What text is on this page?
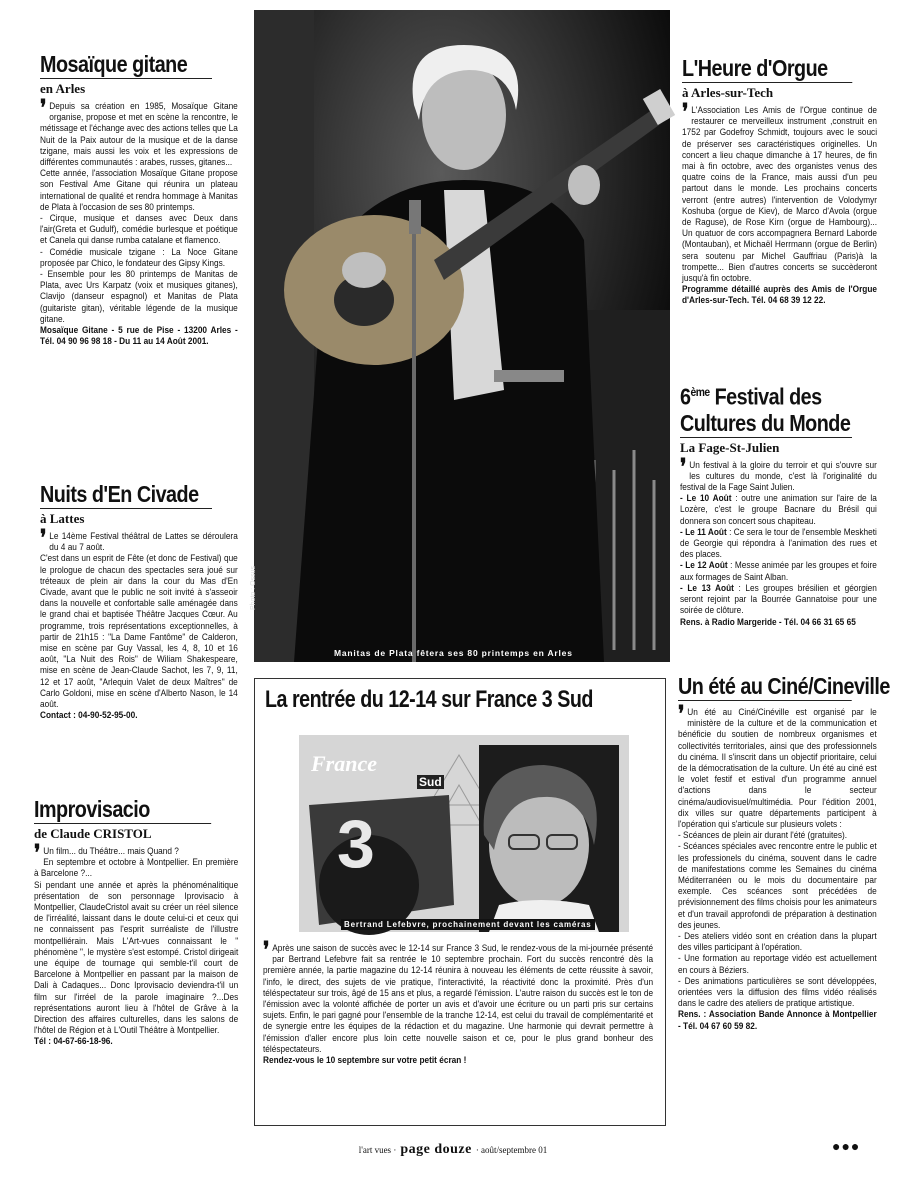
Mosaïque gitane
en Arles
❜ Depuis sa création en 1985, Mosaïque Gitane organise, propose et met en scène la rencontre, le métissage et l'échange avec des actions telles que La Nuit de la Paix autour de la musique et de la danse tzigane, mais aussi les voix et les expressions de différentes communautés : arabes, russes, gitanes...

Cette année, l'association Mosaïque Gitane propose son Festival Ame Gitane qui réunira un plateau international de qualité et rendra hommage à Manitas de Plata à l'occasion de ses 80 printemps.

- Cirque, musique et danses avec Deux dans l'air(Greta et Gudulf), comédie burlesque et poétique et Canela qui danse rumba catalane et flamenco.

- Comédie musicale tzigane : La Noce Gitane proposée par Chico, le fondateur des Gipsy Kings.

- Ensemble pour les 80 printemps de Manitas de Plata, avec Urs Karpatz (voix et musiques gitanes), Clavijo (danseur espagnol) et Manitas de Plata (guitariste gitan), véritable légende de la musique gitane.

Mosaïque Gitane - 5 rue de Pise - 13200 Arles - Tél. 04 90 96 98 18 - Du 11 au 14 Août 2001.

Nuits d'En Civade
à Lattes
❜ Le 14ème Festival théâtral de Lattes se déroulera du 4 au 7 août.

C'est dans un esprit de Fête (et donc de Festival) que le prologue de chacun des spectacles sera joué sur tréteaux de plein air dans la cour du Mas d'En Civade, avant que le public ne soit invité à s'asseoir dans la nouvelle et confortable salle aménagée dans le grand chai et baptisée Théâtre Jacques Cœur. Au programme, trois représentations exceptionnelles, à partir de 21h15 : "La Dame Fantôme" de Calderon, mise en scène par Guy Vassal, les 4, 8, 10 et 16 août, "La Nuit des Rois" de Wiliam Shakespeare, mise en scène de Jean-Claude Sachot, les 7, 9, 11, 12 et 17 août, "Arlequin Valet de deux Maîtres" de Carlo Goldoni, mise en scène d'Alberto Nason, le 14 août.

Contact : 04-90-52-95-00.

Improvisacio
de Claude CRISTOL
❜ Un film... du Théâtre... mais Quand ?

En septembre et octobre à Montpellier. En première à Barcelone ?...

Si pendant une année et après la phénoménalitique présentation de son personnage Iprovisacio à Montpellier, ClaudeCristol avait su créer un réel silence de l'irréalité, laissant dans le doute celui-ci et ceux qui ne connaissent pas l'esprit surréaliste de l'illustre montpelliérain. Mais L'Art-vues connaissant le " phénomène ", le mystère s'est estompé. Cristol dirigeait une équipe de tournage qui semble-t'il court de Barcelone à Montpellier en passant par la maison de Dali à Cadaques... Donc Iprovisacio deviendra-t'il un film sur l'irréel de la parole imaginaire ?...Des représentations auront lieu à l'hôtel de Grâve à la Direction des affaires culturelles, dans les salons de l'hôtel de Région et à L'Outil Théâtre à Montpellier.

Tél : 04-67-66-18-96.

Manitas de Plata fêtera ses 80 printemps en Arles
Photo : Ossus
La rentrée du 12-14 sur France 3 Sud
France
Sud
3
Bertrand Lefebvre, prochainement devant les caméras
❜ Après une saison de succès avec le 12-14 sur France 3 Sud, le rendez-vous de la mi-journée présenté par Bertrand Lefebvre fait sa rentrée le 10 septembre prochain. Fort du succès rencontré dès la première année, la partie magazine du 12-14 réunira à nouveau les éléments de cette réussite à savoir, l'info, le direct, des sujets de vie pratique, l'interactivité, la réactivité donc la proximité. Près d'un téléspectateur sur trois, âgé de 15 ans et plus, a regardé l'émission. L'autre raison du succès est le ton de l'émission avec la volonté affichée de porter un avis et d'avoir une écriture ou un parti pris sur certains sujets. Enfin, le pari gagné pour l'ensemble de la tranche 12-14, est celui du travail de complémentarité et de synergie entre les équipes de la rédaction et du magazine. Une harmonie qui devrait permettre à l'émission d'aller encore plus loin cette nouvelle saison et ce, pour le plus grand bonheur des téléspectateurs.

Rendez-vous le 10 septembre sur votre petit écran !

L'Heure d'Orgue
à Arles-sur-Tech
❜ L'Association Les Amis de l'Orgue continue de restaurer ce merveilleux instrument ,construit en 1752 par Godefroy Schmidt, toujours avec le souci de préserver ses caractéristiques originelles. Un concert a lieu chaque dimanche à 17 heures, de fin mai à fin octobre, avec des organistes venus des quatre coins de la France, mais aussi d'un peu partout dans le monde. Les prochains concerts verront (entre autres) l'intervention de Volodymyr Koshuba (orgue de Kiev), de Marco d'Avola (orgue de Raguse), de Rose Kirn (orgue de Hambourg)... Un quatuor de cors accompagnera Bernard Laborde (Montauban), et Michaël Herrmann (orgue de Berlin) sera soutenu par Michel Gauffriau (Paris)à la trompette... Bien d'autres concerts se succèderont jusqu'à fin octobre.

Programme détaillé auprès des Amis de l'Orgue d'Arles-sur-Tech. Tél. 04 68 39 12 22.

6ème Festival des
Cultures du Monde
La Fage-St-Julien
❜ Un festival à la gloire du terroir et qui s'ouvre sur les cultures du monde, c'est là l'originalité du festival de la Fage Saint Julien.

- Le 10 Août : outre une animation sur l'aire de la Lozère, c'est le groupe Bacnare du Brésil qui donnera son concert sous chapiteau.

- Le 11 Août : Ce sera le tour de l'ensemble Meskheti de Georgie qui répondra à l'animation des rues et des places.

- Le 12 Août : Messe animée par les groupes et foire aux formages de Saint Alban.

- Le 13 Août : Les groupes brésilien et géorgien seront rejoint par la Bourrée Gannatoise pour une soirée de clôture.

Rens. à Radio Margeride - Tél. 04 66 31 65 65

Un été au Ciné/Cineville
❜ Un été au Ciné/Cinéville est organisé par le ministère de la culture et de la communication et bénéficie du soutien de nombreux organismes et collectivités territoriales, ainsi que des professionnels du cinéma. Il s'inscrit dans un objectif prioritaire, celui de la démocratisation de la culture. Un été au ciné est le volet festif et estival d'un programme annuel d'actions dans le secteur cinéma/audiovisuel/multimédia. Pour l'édition 2001, dix villes sur quatre départements participent à l'opération qui s'articule sur plusieurs volets :

- Scéances de plein air durant l'été (gratuites).

- Scéances spéciales avec rencontre entre le public et les professionels du cinéma, souvent dans le cadre de manifestations comme les Semaines du cinéma Méditerranéen ou le mois du documentaire par exemple. Ces scéances sont précédées de prévisionnement des films choisis pour les animateurs et d'un travail approfondi de préparation à destination des jeunes.

- Des ateliers vidéo sont en création dans la plupart des villes participant à l'opération.

- Une formation au reportage vidéo est actuellement en cours à Béziers.

- Des animations particulières se sont développées, orientées vers la diffusion des films vidéo réalisés dans le cadre des ateliers de pratique artistique.

Rens. : Association Bande Annonce à Montpellier - Tél. 04 67 60 59 82.

l'art vues · page douze · août/septembre 01	●●●
